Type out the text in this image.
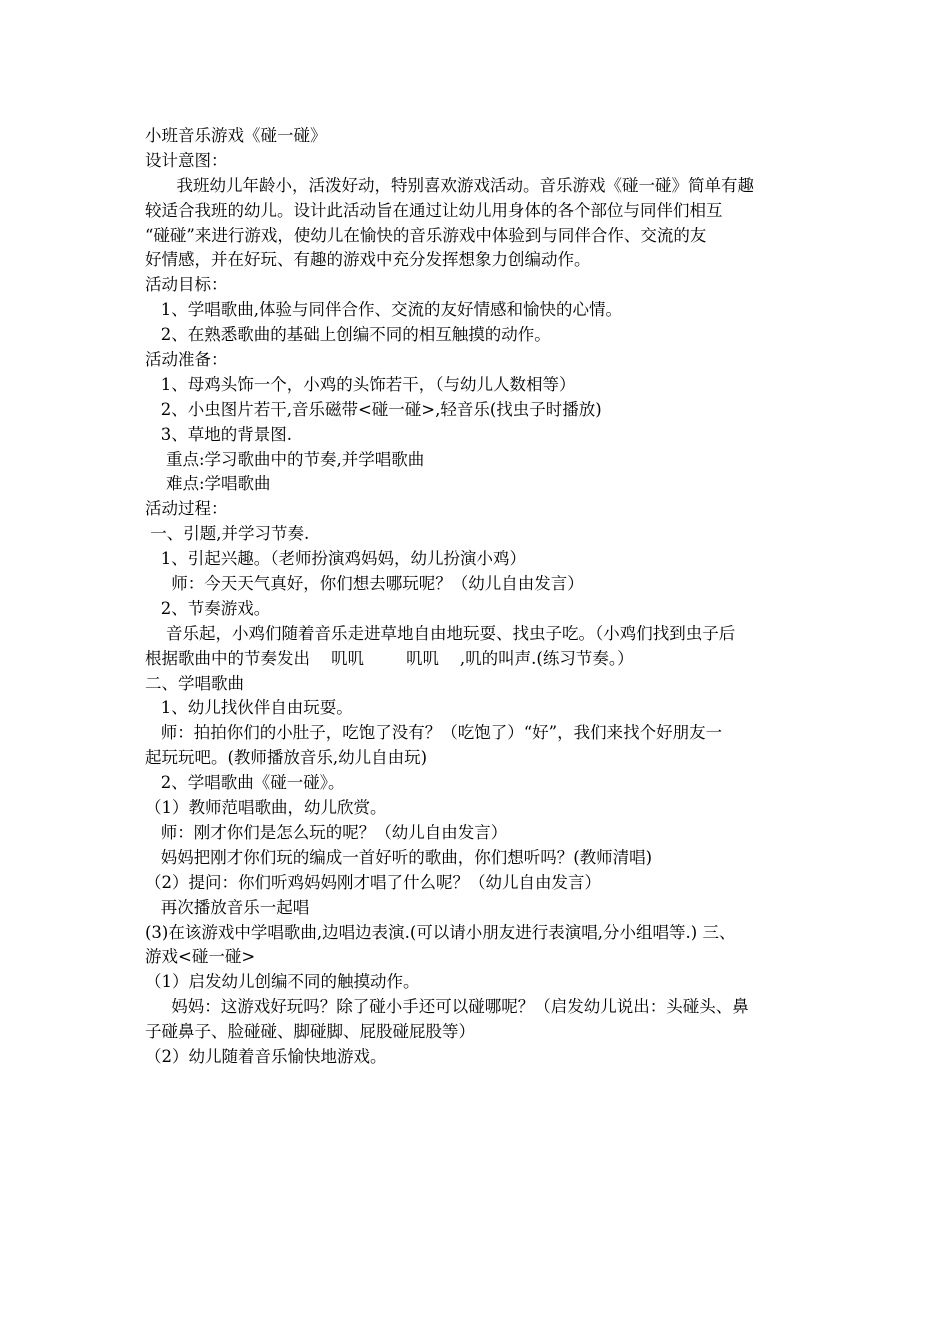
小班音乐游戏《碰一碰》
设计意图：
我班幼儿年龄小，活泼好动，特别喜欢游戏活动。音乐游戏《碰一碰》简单有趣
较适合我班的幼儿。设计此活动旨在通过让幼儿用身体的各个部位与同伴们相互
“碰碰”来进行游戏，使幼儿在愉快的音乐游戏中体验到与同伴合作、交流的友
好情感，并在好玩、有趣的游戏中充分发挥想象力创编动作。
活动目标：
1、学唱歌曲,体验与同伴合作、交流的友好情感和愉快的心情。
2、在熟悉歌曲的基础上创编不同的相互触摸的动作。
活动准备：
1、母鸡头饰一个，小鸡的头饰若干，（与幼儿人数相等）
2、小虫图片若干,音乐磁带<碰一碰>,轻音乐(找虫子时播放)
3、草地的背景图.
重点:学习歌曲中的节奏,并学唱歌曲
难点:学唱歌曲
活动过程：
一、引题,并学习节奏.
1、引起兴趣。（老师扮演鸡妈妈，幼儿扮演小鸡）
师：今天天气真好，你们想去哪玩呢？（幼儿自由发言）
2、节奏游戏。
音乐起，小鸡们随着音乐走进草地自由地玩耍、找虫子吃。（小鸡们找到虫子后
根据歌曲中的节奏发出    叽叽        叽叽    ,叽的叫声.(练习节奏。）
二、学唱歌曲
1、幼儿找伙伴自由玩耍。
师：拍拍你们的小肚子，吃饱了没有？（吃饱了）“好”，我们来找个好朋友一
起玩玩吧。(教师播放音乐,幼儿自由玩)
2、学唱歌曲《碰一碰》。
（1）教师范唱歌曲，幼儿欣赏。
师：刚才你们是怎么玩的呢？（幼儿自由发言）
妈妈把刚才你们玩的编成一首好听的歌曲，你们想听吗？(教师清唱)
（2）提问：你们听鸡妈妈刚才唱了什么呢？（幼儿自由发言）
再次播放音乐一起唱
(3)在该游戏中学唱歌曲,边唱边表演.(可以请小朋友进行表演唱,分小组唱等.) 三、
游戏<碰一碰>
（1）启发幼儿创编不同的触摸动作。
妈妈：这游戏好玩吗？除了碰小手还可以碰哪呢？（启发幼儿说出：头碰头、鼻
子碰鼻子、脸碰碰、脚碰脚、屁股碰屁股等）
（2）幼儿随着音乐愉快地游戏。
